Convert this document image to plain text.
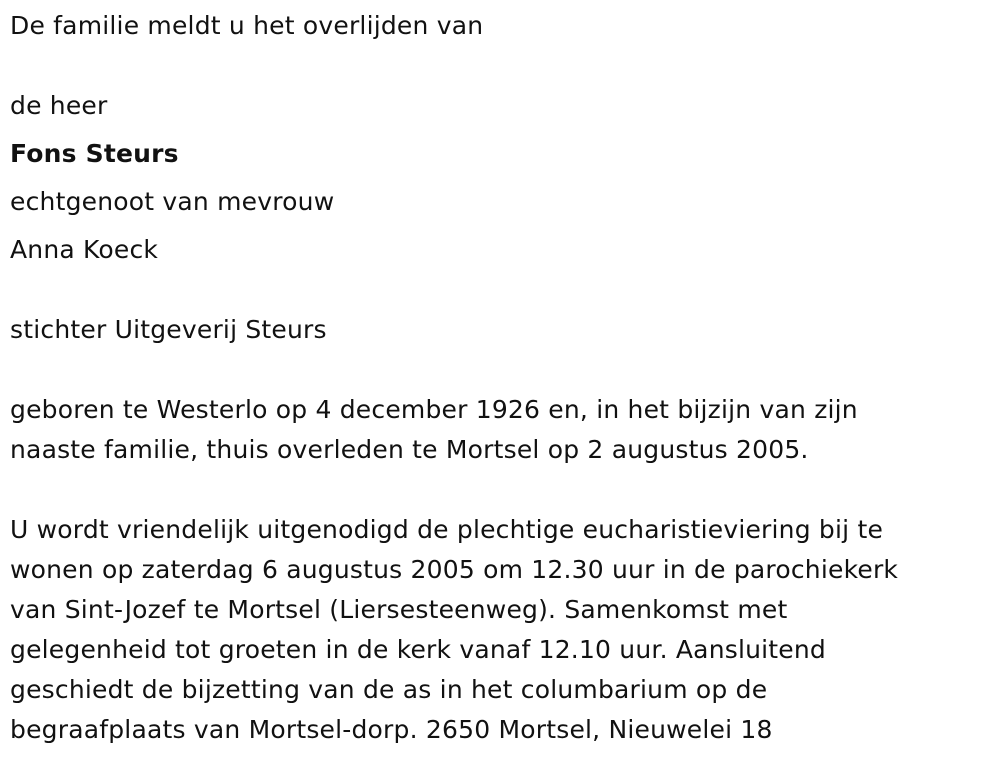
De familie meldt u het overlijden van
de heer
Fons Steurs
echtgenoot van mevrouw
Anna Koeck
stichter Uitgeverij Steurs
geboren te Westerlo op 4 december 1926 en, in het bijzijn van zijn
naaste familie, thuis overleden te Mortsel op 2 augustus 2005.
U wordt vriendelijk uitgenodigd de plechtige eucharistieviering bij te
wonen op zaterdag 6 augustus 2005 om 12.30 uur in de parochiekerk
van Sint-Jozef te Mortsel (Liersesteenweg). Samenkomst met
gelegenheid tot groeten in de kerk vanaf 12.10 uur. Aansluitend
geschiedt de bijzetting van de as in het columbarium op de
begraafplaats van Mortsel-dorp. 2650 Mortsel, Nieuwelei 18
